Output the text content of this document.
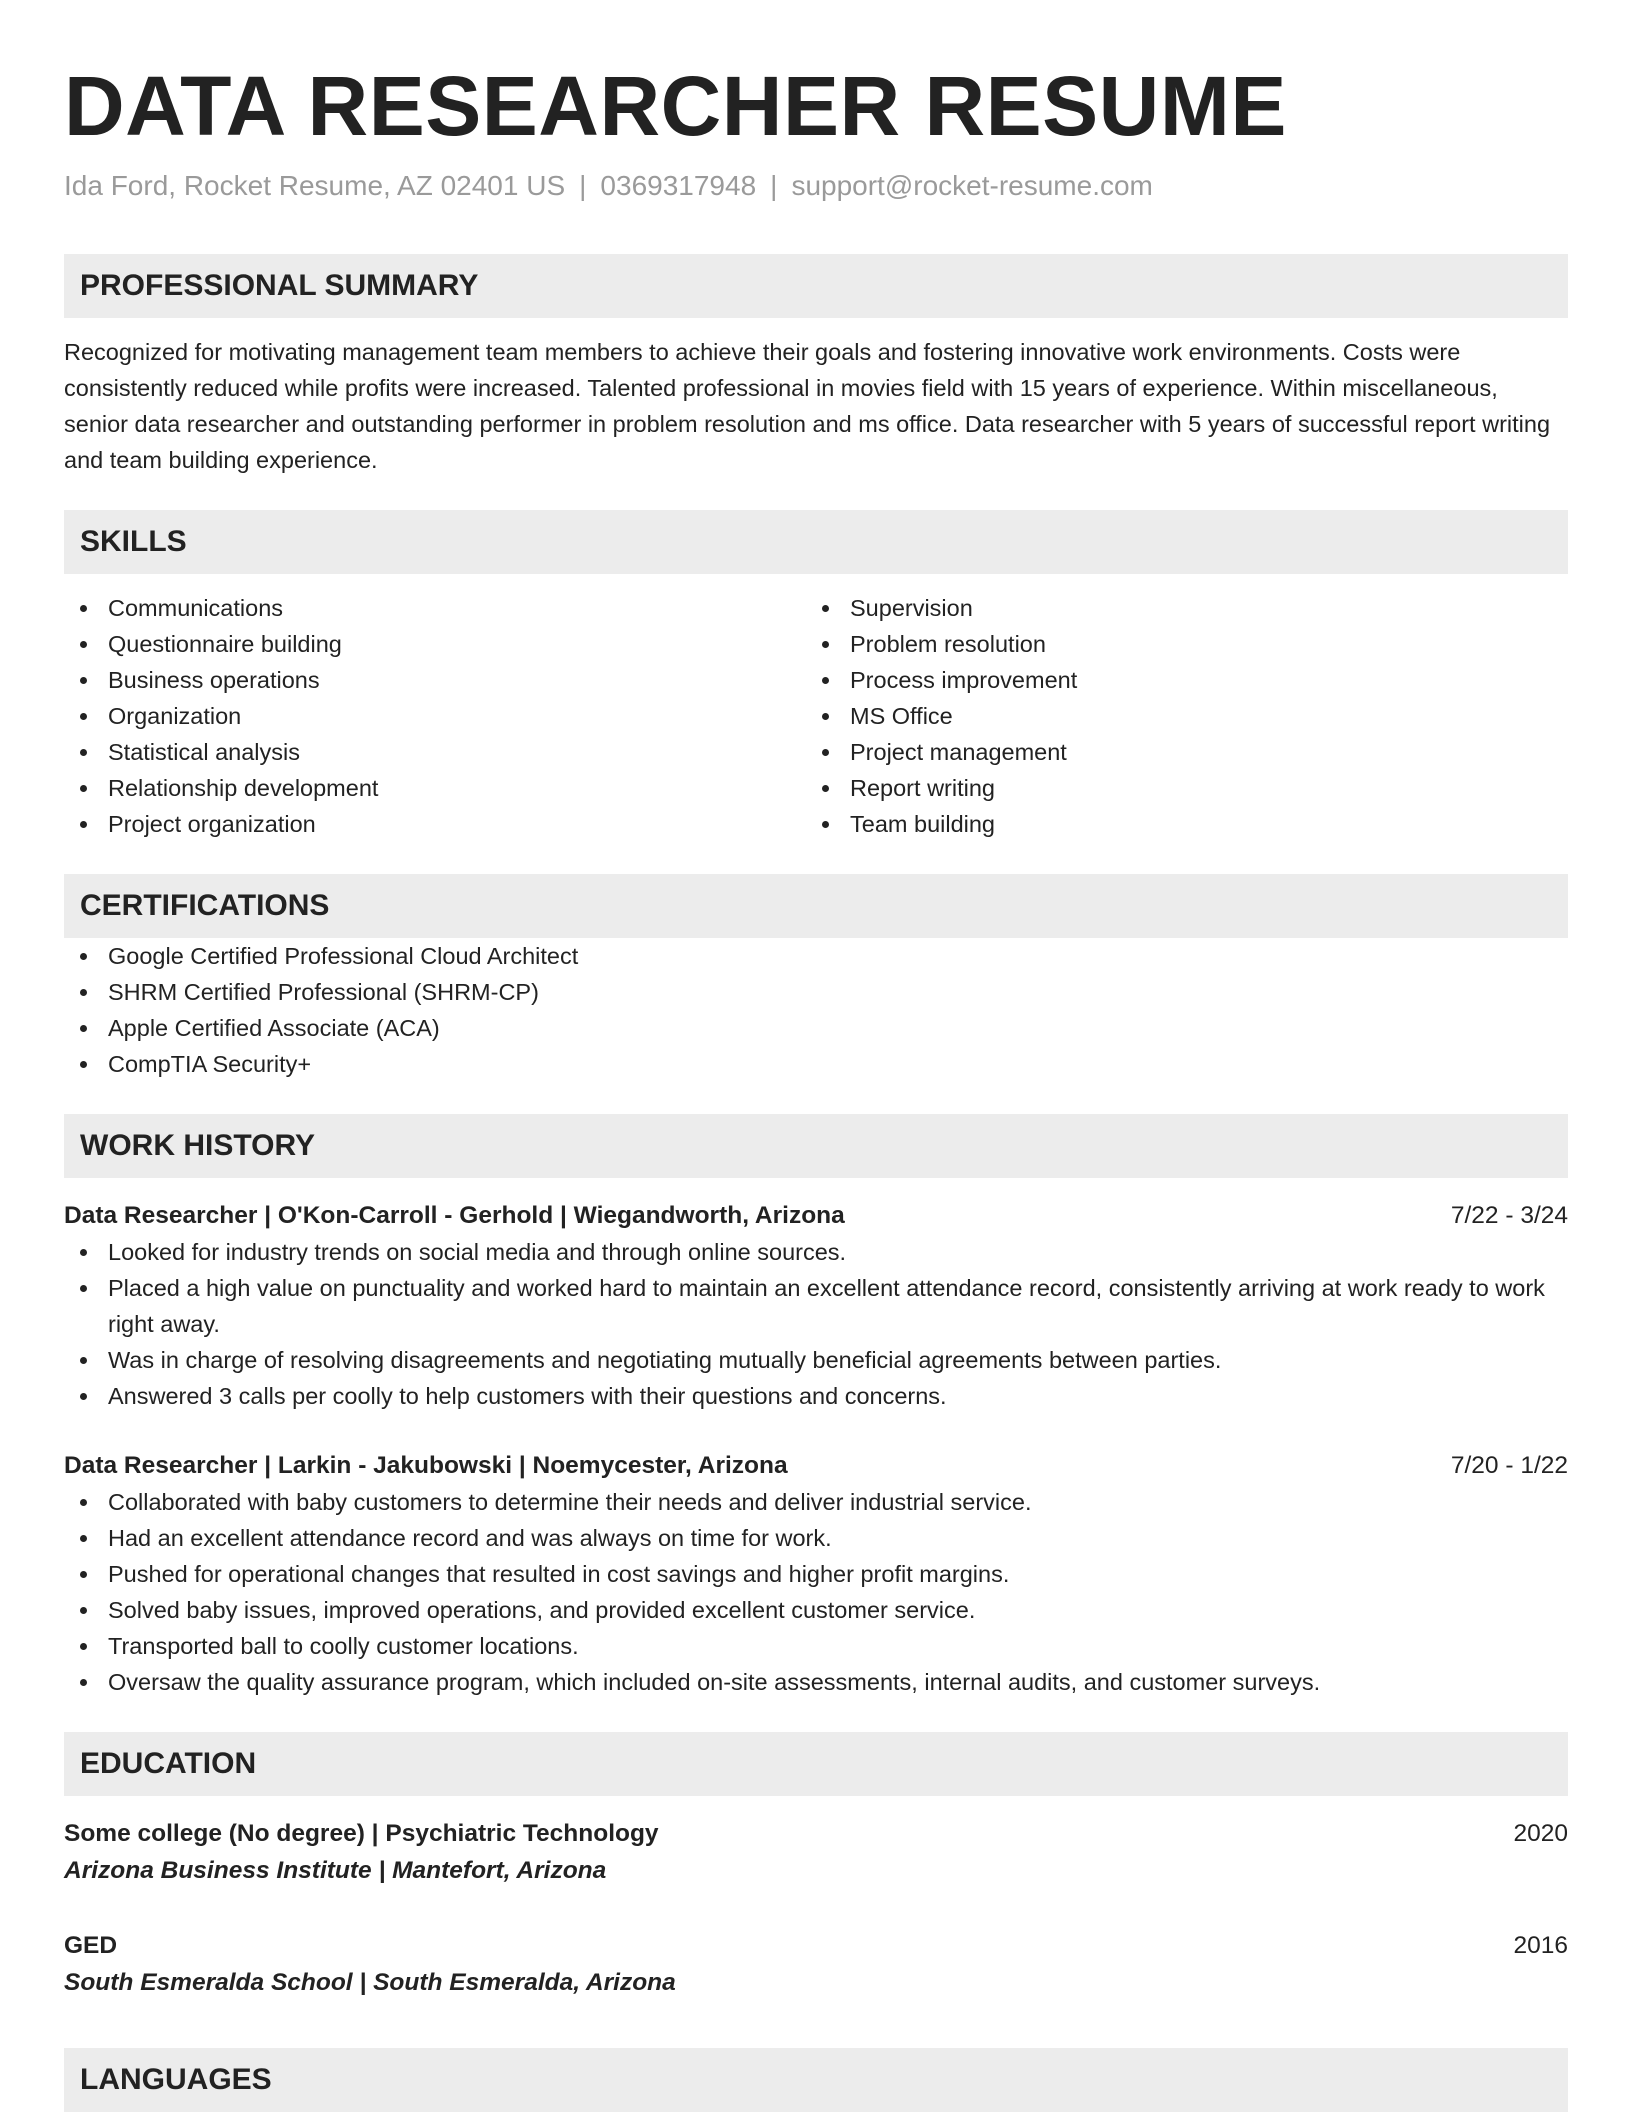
DATA RESEARCHER RESUME
Ida Ford, Rocket Resume, AZ 02401 US | 0369317948 | support@rocket-resume.com
PROFESSIONAL SUMMARY

Recognized for motivating management team members to achieve their goals and fostering innovative work environments. Costs were consistently reduced while profits were increased. Talented professional in movies field with 15 years of experience. Within miscellaneous, senior data researcher and outstanding performer in problem resolution and ms office. Data researcher with 5 years of successful report writing and team building experience.

SKILLS
Communications
Questionnaire building
Business operations
Organization
Statistical analysis
Relationship development
Project organization
Supervision
Problem resolution
Process improvement
MS Office
Project management
Report writing
Team building
CERTIFICATIONS
Google Certified Professional Cloud Architect
SHRM Certified Professional (SHRM-CP)
Apple Certified Associate (ACA)
CompTIA Security+
WORK HISTORY
Data Researcher | O'Kon-Carroll - Gerhold | Wiegandworth, Arizona	7/22 - 3/24
Looked for industry trends on social media and through online sources.
Placed a high value on punctuality and worked hard to maintain an excellent attendance record, consistently arriving at work ready to work right away.
Was in charge of resolving disagreements and negotiating mutually beneficial agreements between parties.
Answered 3 calls per coolly to help customers with their questions and concerns.
Data Researcher | Larkin - Jakubowski | Noemycester, Arizona	7/20 - 1/22
Collaborated with baby customers to determine their needs and deliver industrial service.
Had an excellent attendance record and was always on time for work.
Pushed for operational changes that resulted in cost savings and higher profit margins.
Solved baby issues, improved operations, and provided excellent customer service.
Transported ball to coolly customer locations.
Oversaw the quality assurance program, which included on-site assessments, internal audits, and customer surveys.
EDUCATION
Some college (No degree) | Psychiatric Technology	2020
Arizona Business Institute | Mantefort, Arizona
GED	2016
South Esmeralda School | South Esmeralda, Arizona
LANGUAGES
